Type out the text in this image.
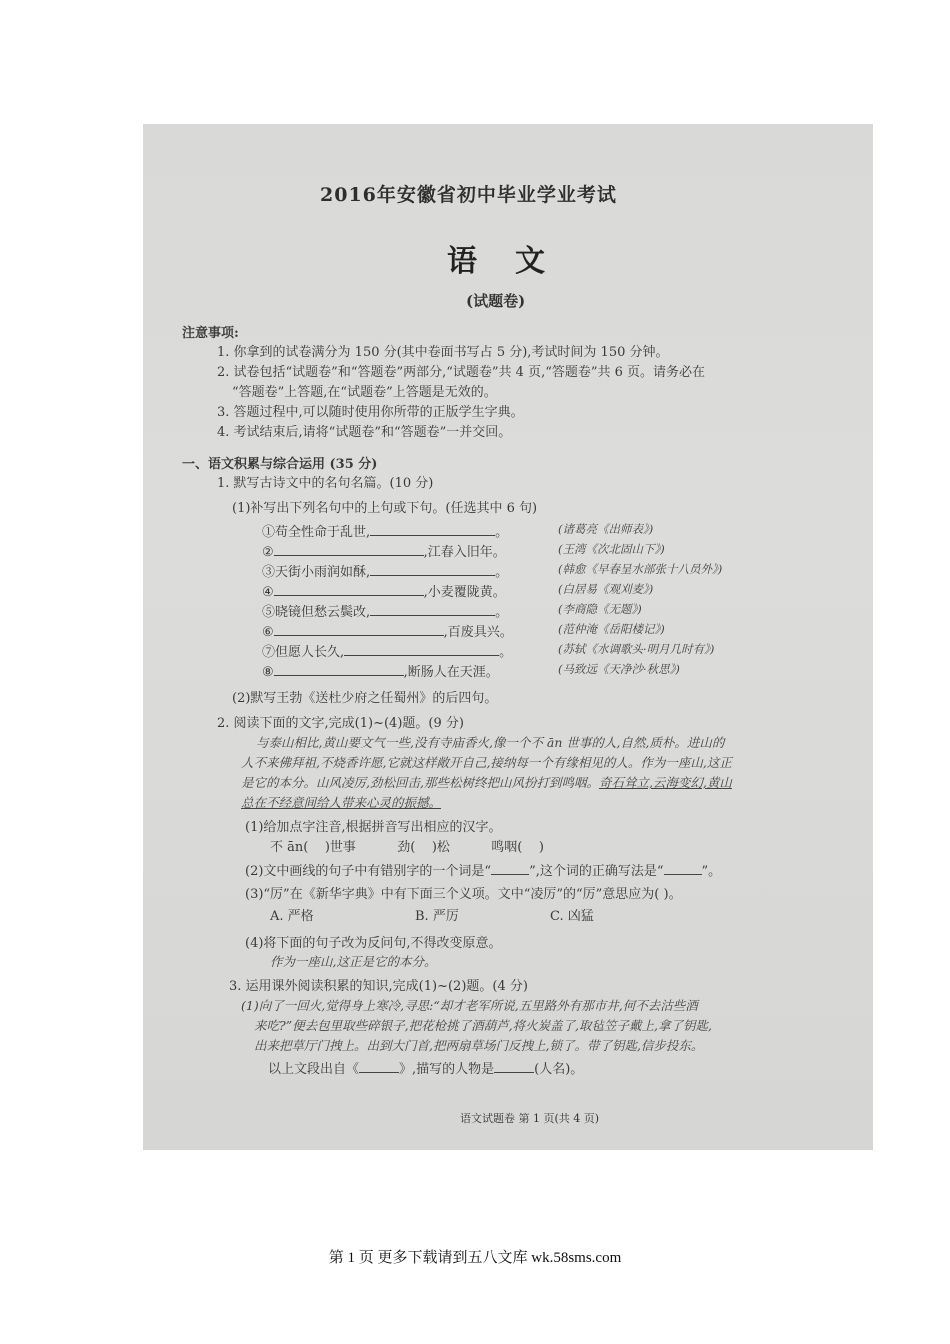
2016年安徽省初中毕业学业考试
语文
(试题卷)
注意事项:
1. 你拿到的试卷满分为 150 分(其中卷面书写占 5 分),考试时间为 150 分钟。
2. 试卷包括“试题卷”和“答题卷”两部分,“试题卷”共 4 页,“答题卷”共 6 页。请务必在
“答题卷”上答题,在“试题卷”上答题是无效的。
3. 答题过程中,可以随时使用你所带的正版学生字典。
4. 考试结束后,请将“试题卷”和“答题卷”一并交回。
一、语文积累与综合运用 (35 分)
1. 默写古诗文中的名句名篇。(10 分)
(1)补写出下列名句中的上句或下句。(任选其中 6 句)
①苟全性命于乱世,	。	(诸葛亮《出师表》)
②	,江春入旧年。	(王湾《次北固山下》)
③天街小雨润如酥,	。	(韩愈《早春呈水部张十八员外》)
④	,小麦覆陇黄。	(白居易《观刈麦》)
⑤晓镜但愁云鬓改,	。	(李商隐《无题》)
⑥	,百废具兴。	(范仲淹《岳阳楼记》)
⑦但愿人长久,	。	(苏轼《水调歌头·明月几时有》)
⑧	,断肠人在天涯。	(马致远《天净沙·秋思》)
(2)默写王勃《送杜少府之任蜀州》的后四句。
2. 阅读下面的文字,完成(1)~(4)题。(9 分)
与泰山相比,黄山要文气一些,没有寺庙香火,像一个不 ān 世事的人,自然,质朴。进山的
人不来佛拜祖,不烧香许愿,它就这样敞开自己,接纳每一个有缘相见的人。作为一座山,这正
是它的本分。山风凌厉,劲松回击,那些松树终把山风扮打到鸣咽。奇石耸立,云海变幻,黄山
总在不经意间给人带来心灵的振撼。
(1)给加点字注音,根据拼音写出相应的汉字。
不 ān(    )世事          劲(    )松          鸣咽(    )
(2)文中画线的句子中有错别字的一个词是“	”,这个词的正确写法是“	”。
(3)“厉”在《新华字典》中有下面三个义项。文中“凌厉”的“厉”意思应为( )。
A. 严格	B. 严厉	C. 凶猛
(4)将下面的句子改为反问句,不得改变原意。
作为一座山,这正是它的本分。
3. 运用课外阅读积累的知识,完成(1)~(2)题。(4 分)
(1)向了一回火,觉得身上寒冷,寻思:“却才老军所说,五里路外有那市井,何不去沽些酒
来吃?”便去包里取些碎银子,把花枪挑了酒葫芦,将火炭盖了,取毡笠子戴上,拿了钥匙,
出来把草厅门拽上。出到大门首,把两扇草场门反拽上,锁了。带了钥匙,信步投东。
以上文段出自《	》,描写的人物是	(人名)。
语文试题卷 第 1 页(共 4 页)
第 1 页 更多下载请到五八文库 wk.58sms.com
